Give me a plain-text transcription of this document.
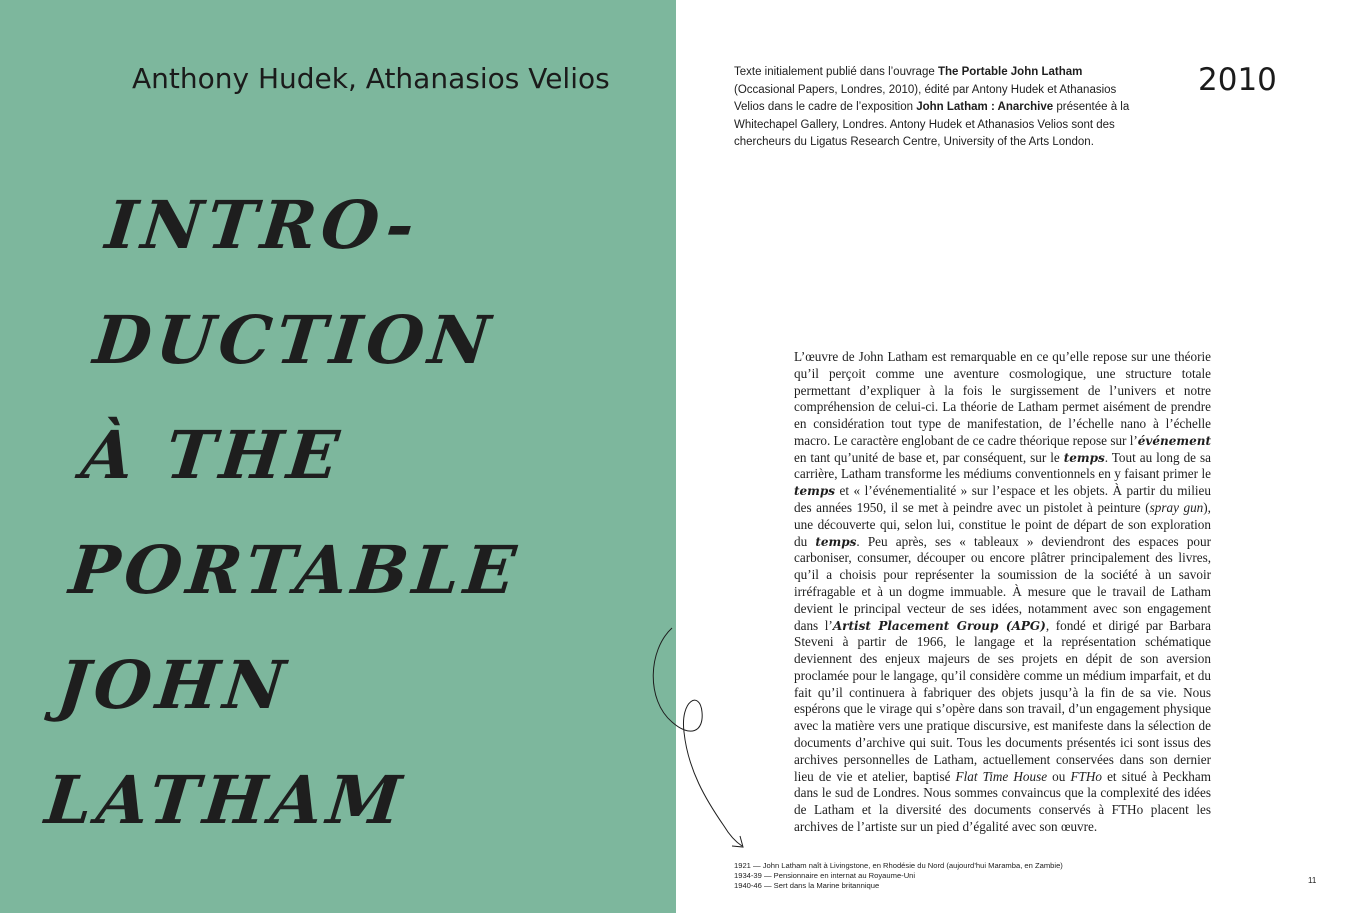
Anthony Hudek, Athanasios Velios
INTRO-
DUCTION
À THE
PORTABLE
JOHN
LATHAM
Texte initialement publié dans l’ouvrage The Portable John Latham (Occasional Papers, Londres, 2010), édité par Antony Hudek et Athanasios Velios dans le cadre de l’exposition John Latham : Anarchive présentée à la Whitechapel Gallery, Londres. Antony Hudek et Athanasios Velios sont des chercheurs du Ligatus Research Centre, University of the Arts London.
2010
L’œuvre de John Latham est remarquable en ce qu’elle repose sur une théorie qu’il perçoit comme une aventure cosmologique, une structure totale permettant d’expliquer à la fois le surgissement de l’univers et notre compréhension de celui-ci. La théorie de Latham permet aisément de prendre en considération tout type de manifestation, de l’échelle nano à l’échelle macro. Le caractère englobant de ce cadre théorique repose sur l’événement en tant qu’unité de base et, par conséquent, sur le temps. Tout au long de sa carrière, Latham transforme les médiums conventionnels en y faisant primer le temps et « l’événementialité » sur l’espace et les objets. À partir du milieu des années 1950, il se met à peindre avec un pistolet à peinture (spray gun), une découverte qui, selon lui, constitue le point de départ de son exploration du temps. Peu après, ses « tableaux » deviendront des espaces pour carboniser, consumer, découper ou encore plâtrer principalement des livres, qu’il a choisis pour représenter la soumission de la société à un savoir irréfragable et à un dogme immuable. À mesure que le travail de Latham devient le principal vecteur de ses idées, notamment avec son engagement dans l’Artist Placement Group (APG), fondé et dirigé par Barbara Steveni à partir de 1966, le langage et la représentation schématique deviennent des enjeux majeurs de ses projets en dépit de son aversion proclamée pour le langage, qu’il considère comme un médium imparfait, et du fait qu’il continuera à fabriquer des objets jusqu’à la fin de sa vie. Nous espérons que le virage qui s’opère dans son travail, d’un engagement physique avec la matière vers une pratique discursive, est manifeste dans la sélection de documents d’archive qui suit. Tous les documents présentés ici sont issus des archives personnelles de Latham, actuellement conservées dans son dernier lieu de vie et atelier, baptisé Flat Time House ou FTHo et situé à Peckham dans le sud de Londres. Nous sommes convaincus que la complexité des idées de Latham et la diversité des documents conservés à FTHo placent les archives de l’artiste sur un pied d’égalité avec son œuvre.
1921 — John Latham naît à Livingstone, en Rhodésie du Nord (aujourd’hui Maramba, en Zambie)
1934-39 — Pensionnaire en internat au Royaume-Uni
1940-46 — Sert dans la Marine britannique
11
